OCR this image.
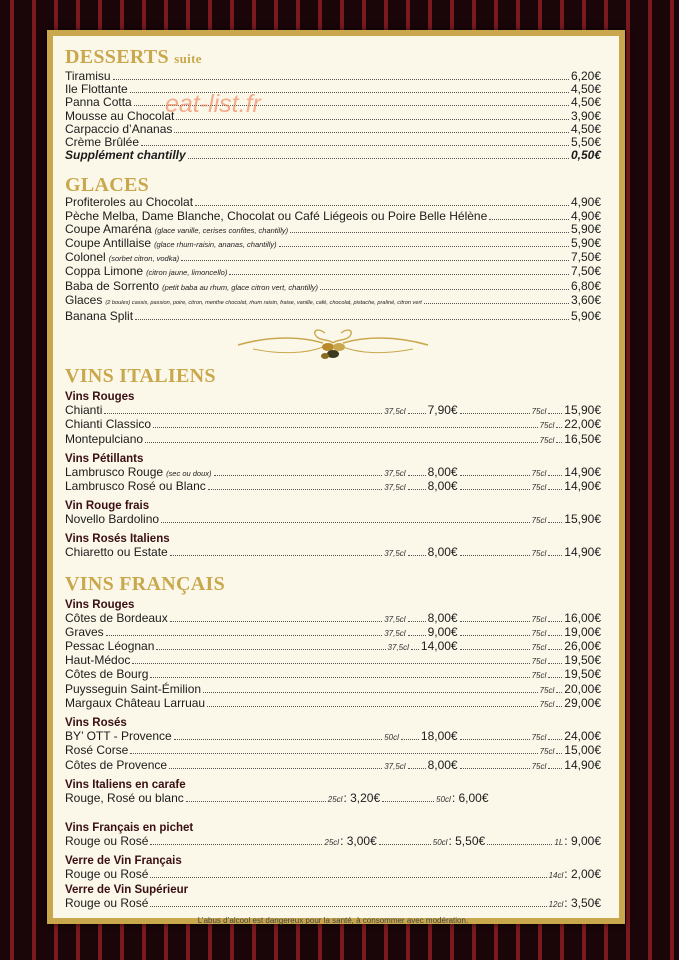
DESSERTS suite
Tiramisu	6,20€
Ile Flottante	4,50€
Panna Cotta	4,50€
Mousse au Chocolat	3,90€
Carpaccio d’Ananas	4,50€
Crème Brûlée	5,50€
Supplément chantilly	0,50€
GLACES
Profiteroles au Chocolat	4,90€
Pèche Melba, Dame Blanche, Chocolat ou Café Liégeois ou Poire Belle Hélène	4,90€
Coupe Amaréna (glace vanille, cerises confites, chantilly)	5,90€
Coupe Antillaise (glace rhum-raisin, ananas, chantilly)	5,90€
Colonel (sorbet citron, vodka)	7,50€
Coppa Limone (citron jaune, limoncello)	7,50€
Baba de Sorrento (petit baba au rhum, glace citron vert, chantilly)	6,80€
Glaces (2 boules) cassis, passion, poire, citron, menthe chocolat, rhum raisin, fraise, vanille, café, chocolat, pistache, praliné, citron vert	3,60€
Banana Split	5,90€
VINS ITALIENS
Vins Rouges
Chianti	37,5cl 7,90€	75cl 15,90€
Chianti Classico	75cl 22,00€
Montepulciano	75cl 16,50€
Vins Pétillants
Lambrusco Rouge (sec ou doux)	37,5cl 8,00€	75cl 14,90€
Lambrusco Rosé ou Blanc	37,5cl 8,00€	75cl 14,90€
Vin Rouge frais
Novello Bardolino	75cl 15,90€
Vins Rosés Italiens
Chiaretto ou Estate	37,5cl 8,00€	75cl 14,90€
VINS FRANÇAIS
Vins Rouges
Côtes de Bordeaux	37,5cl 8,00€	75cl 16,00€
Graves	37,5cl 9,00€	75cl 19,00€
Pessac Léognan	37,5cl 14,00€	75cl 26,00€
Haut-Médoc	75cl 19,50€
Côtes de Bourg	75cl 19,50€
Puysseguin Saint-Émilion	75cl 20,00€
Margaux Château Larruau	75cl 29,00€
Vins Rosés
BY’ OTT - Provence	50cl 18,00€	75cl 24,00€
Rosé Corse	75cl 15,00€
Côtes de Provence	37,5cl 8,00€	75cl 14,90€
Vins Italiens en carafe
Rouge, Rosé ou blanc	25cl : 3,20€	50cl : 6,00€
Vins Français en pichet
Rouge ou Rosé	25cl : 3,00€	50cl : 5,50€	1L : 9,00€
Verre de Vin Français
Rouge ou Rosé	14cl : 2,00€
Verre de Vin Supérieur
Rouge ou Rosé	12cl : 3,50€
L’abus d’alcool est dangereux pour la santé, à consommer avec modération.
eat-list.fr
